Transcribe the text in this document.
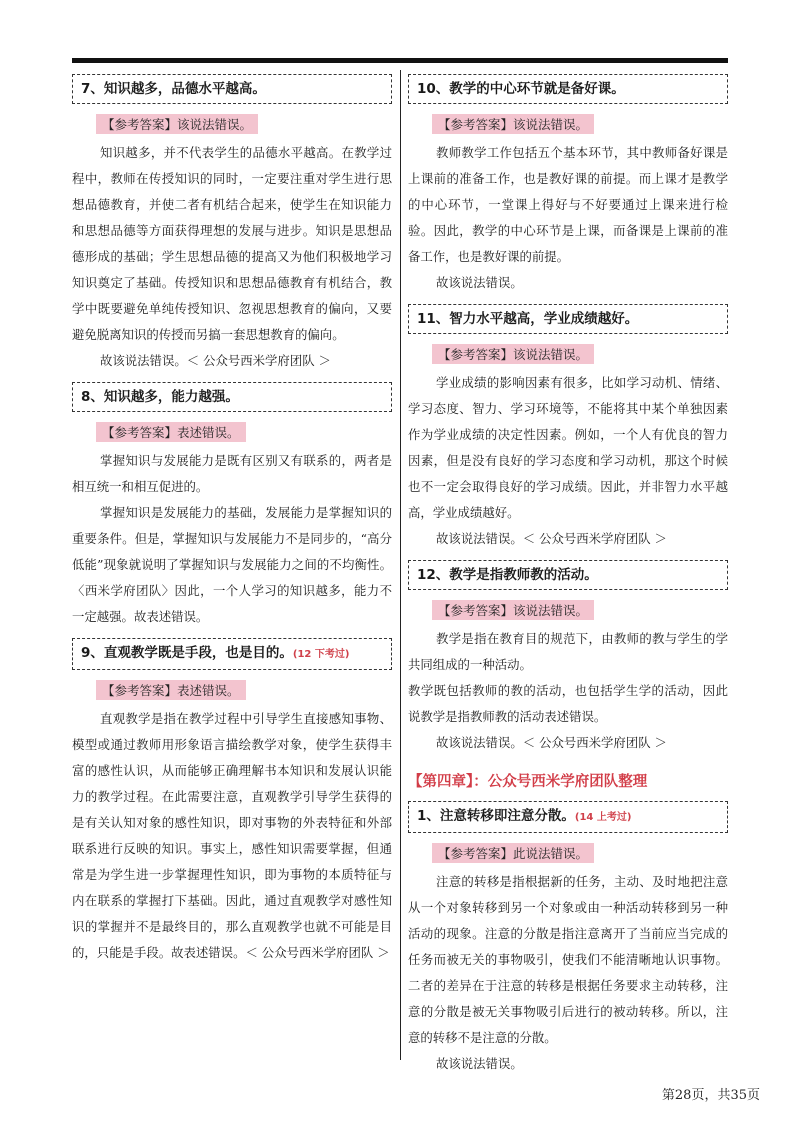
7、知识越多，品德水平越高。
【参考答案】该说法错误。

知识越多，并不代表学生的品德水平越高。在教学过程中，教师在传授知识的同时，一定要注重对学生进行思想品德教育，并使二者有机结合起来，使学生在知识能力和思想品德等方面获得理想的发展与进步。知识是思想品德形成的基础；学生思想品德的提高又为他们积极地学习知识奠定了基础。传授知识和思想品德教育有机结合，教学中既要避免单纯传授知识、忽视思想教育的偏向，又要避免脱离知识的传授而另搞一套思想教育的偏向。

故该说法错误。＜ 公众号西米学府团队 ＞

8、知识越多，能力越强。
【参考答案】表述错误。

掌握知识与发展能力是既有区别又有联系的，两者是相互统一和相互促进的。

掌握知识是发展能力的基础，发展能力是掌握知识的重要条件。但是，掌握知识与发展能力不是同步的，“高分低能”现象就说明了掌握知识与发展能力之间的不均衡性。〈西米学府团队〉因此，一个人学习的知识越多，能力不一定越强。故表述错误。

9、直观教学既是手段，也是目的。(12 下考过)
【参考答案】表述错误。

直观教学是指在教学过程中引导学生直接感知事物、模型或通过教师用形象语言描绘教学对象，使学生获得丰富的感性认识，从而能够正确理解书本知识和发展认识能力的教学过程。在此需要注意，直观教学引导学生获得的是有关认知对象的感性知识，即对事物的外表特征和外部联系进行反映的知识。事实上，感性知识需要掌握，但通常是为学生进一步掌握理性知识，即为事物的本质特征与内在联系的掌握打下基础。因此，通过直观教学对感性知识的掌握并不是最终目的，那么直观教学也就不可能是目的，只能是手段。故表述错误。＜ 公众号西米学府团队 ＞

10、教学的中心环节就是备好课。
【参考答案】该说法错误。

教师教学工作包括五个基本环节，其中教师备好课是上课前的准备工作，也是教好课的前提。而上课才是教学的中心环节，一堂课上得好与不好要通过上课来进行检验。因此，教学的中心环节是上课，而备课是上课前的准备工作，也是教好课的前提。

故该说法错误。

11、智力水平越高，学业成绩越好。
【参考答案】该说法错误。

学业成绩的影响因素有很多，比如学习动机、情绪、学习态度、智力、学习环境等，不能将其中某个单独因素作为学业成绩的决定性因素。例如，一个人有优良的智力因素，但是没有良好的学习态度和学习动机，那这个时候也不一定会取得良好的学习成绩。因此，并非智力水平越高，学业成绩越好。

故该说法错误。＜ 公众号西米学府团队 ＞

12、教学是指教师教的活动。
【参考答案】该说法错误。

教学是指在教育目的规范下，由教师的教与学生的学共同组成的一种活动。

教学既包括教师的教的活动，也包括学生学的活动，因此说教学是指教师教的活动表述错误。

故该说法错误。＜ 公众号西米学府团队 ＞

【第四章】：公众号西米学府团队整理
1、注意转移即注意分散。(14 上考过)
【参考答案】此说法错误。

注意的转移是指根据新的任务，主动、及时地把注意从一个对象转移到另一个对象或由一种活动转移到另一种活动的现象。注意的分散是指注意离开了当前应当完成的任务而被无关的事物吸引，使我们不能清晰地认识事物。二者的差异在于注意的转移是根据任务要求主动转移，注意的分散是被无关事物吸引后进行的被动转移。所以，注意的转移不是注意的分散。

故该说法错误。

第28页，共35页
